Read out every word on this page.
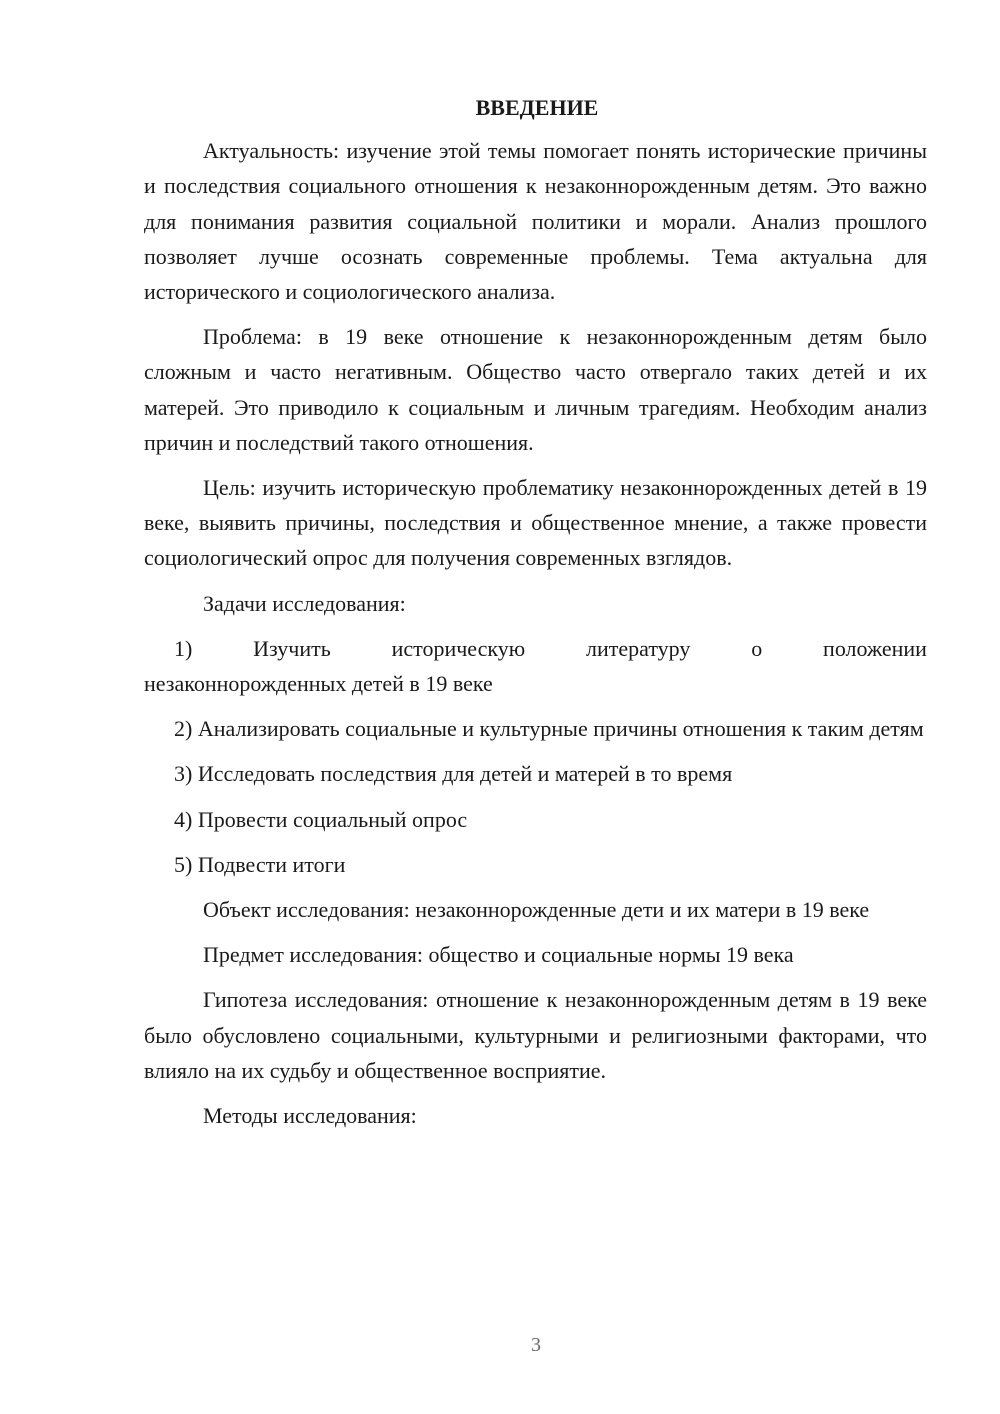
ВВЕДЕНИЕ

Актуальность: изучение этой темы помогает понять исторические причины и последствия социального отношения к незаконнорожденным детям. Это важно для понимания развития социальной политики и морали. Анализ прошлого позволяет лучше осознать современные проблемы. Тема актуальна для исторического и социологического анализа.

Проблема: в 19 веке отношение к незаконнорожденным детям было сложным и часто негативным. Общество часто отвергало таких детей и их матерей. Это приводило к социальным и личным трагедиям. Необходим анализ причин и последствий такого отношения.

Цель: изучить историческую проблематику незаконнорожденных детей в 19 веке, выявить причины, последствия и общественное мнение, а также провести социологический опрос для получения современных взглядов.

Задачи исследования:

1)	Изучить	историческую	литературу	о	положении
незаконнорожденных детей в 19 веке

2) Анализировать социальные и культурные причины отношения к таким детям

3) Исследовать последствия для детей и матерей в то время

4) Провести социальный опрос

5) Подвести итоги

Объект исследования: незаконнорожденные дети и их матери в 19 веке

Предмет исследования: общество и социальные нормы 19 века

Гипотеза исследования: отношение к незаконнорожденным детям в 19 веке было обусловлено социальными, культурными и религиозными факторами, что влияло на их судьбу и общественное восприятие.

Методы исследования:

3
